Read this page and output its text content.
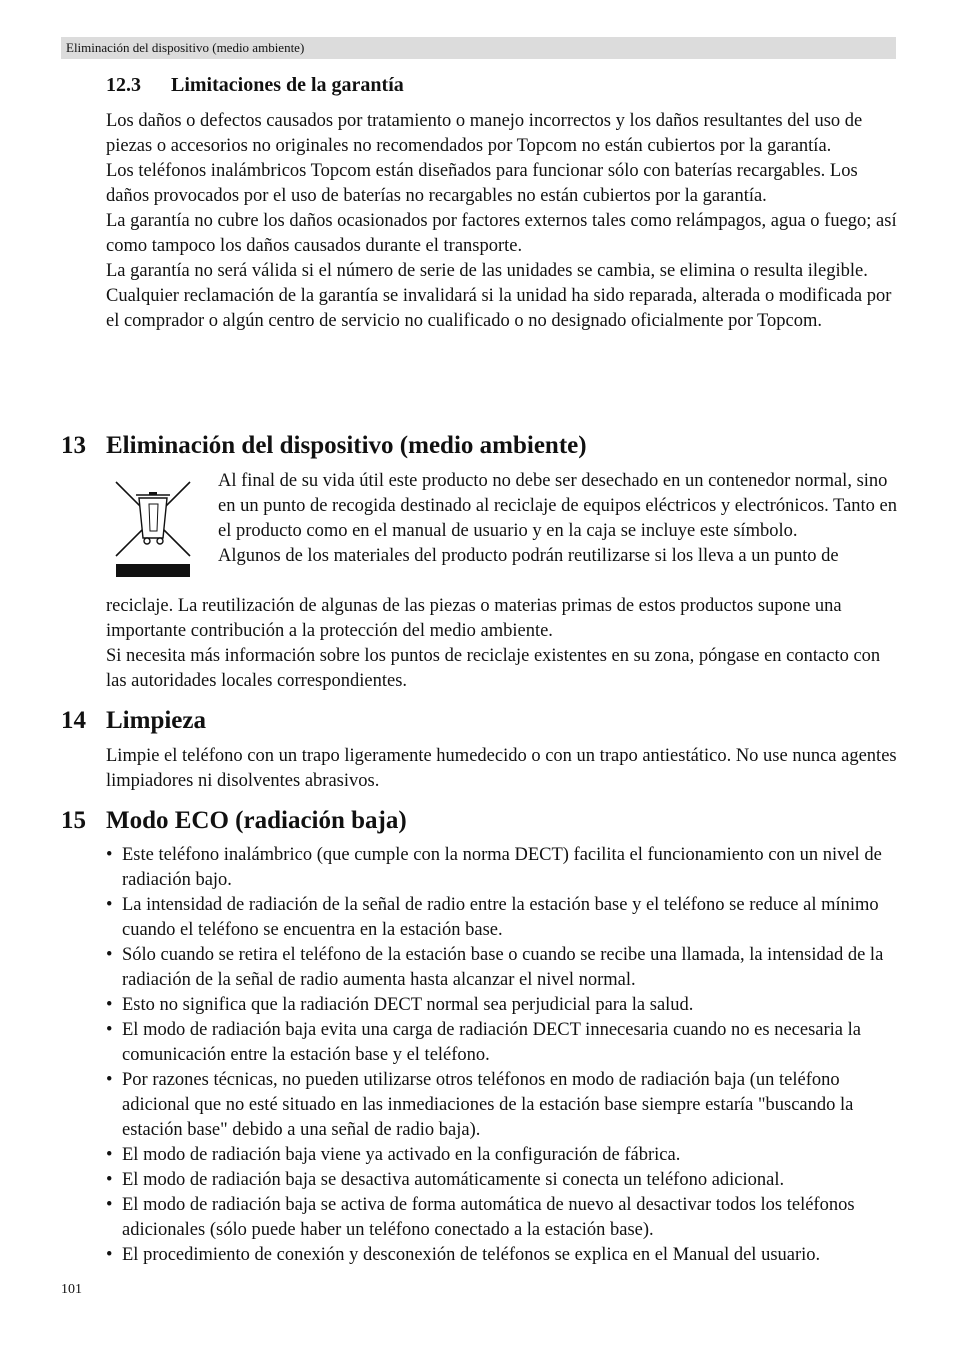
Eliminación del dispositivo (medio ambiente)
12.3 Limitaciones de la garantía

Los daños o defectos causados por tratamiento o manejo incorrectos y los daños resultantes del uso de piezas o accesorios no originales no recomendados por Topcom no están cubiertos por la garantía.

Los teléfonos inalámbricos Topcom están diseñados para funcionar sólo con baterías recargables. Los daños provocados por el uso de baterías no recargables no están cubiertos por la garantía.

La garantía no cubre los daños ocasionados por factores externos tales como relámpagos, agua o fuego; así como tampoco los daños causados durante el transporte.

La garantía no será válida si el número de serie de las unidades se cambia, se elimina o resulta ilegible.

Cualquier reclamación de la garantía se invalidará si la unidad ha sido reparada, alterada o modificada por el comprador o algún centro de servicio no cualificado o no designado oficialmente por Topcom.

13 Eliminación del dispositivo (medio ambiente)

Al final de su vida útil este producto no debe ser desechado en un contenedor normal, sino en un punto de recogida destinado al reciclaje de equipos eléctricos y electrónicos. Tanto en el producto como en el manual de usuario y en la caja se incluye este símbolo.

Algunos de los materiales del producto podrán reutilizarse si los lleva a un punto de

reciclaje. La reutilización de algunas de las piezas o materias primas de estos productos supone una importante contribución a la protección del medio ambiente.

Si necesita más información sobre los puntos de reciclaje existentes en su zona, póngase en contacto con las autoridades locales correspondientes.

14 Limpieza

Limpie el teléfono con un trapo ligeramente humedecido o con un trapo antiestático. No use nunca agentes limpiadores ni disolventes abrasivos.

15 Modo ECO (radiación baja)
• Este teléfono inalámbrico (que cumple con la norma DECT) facilita el funcionamiento con un nivel de radiación bajo.
• La intensidad de radiación de la señal de radio entre la estación base y el teléfono se reduce al mínimo cuando el teléfono se encuentra en la estación base.
• Sólo cuando se retira el teléfono de la estación base o cuando se recibe una llamada, la intensidad de la radiación de la señal de radio aumenta hasta alcanzar el nivel normal.
• Esto no significa que la radiación DECT normal sea perjudicial para la salud.
• El modo de radiación baja evita una carga de radiación DECT innecesaria cuando no es necesaria la comunicación entre la estación base y el teléfono.
• Por razones técnicas, no pueden utilizarse otros teléfonos en modo de radiación baja (un teléfono adicional que no esté situado en las inmediaciones de la estación base siempre estaría "buscando la estación base" debido a una señal de radio baja).
• El modo de radiación baja viene ya activado en la configuración de fábrica.
• El modo de radiación baja se desactiva automáticamente si conecta un teléfono adicional.
• El modo de radiación baja se activa de forma automática de nuevo al desactivar todos los teléfonos adicionales (sólo puede haber un teléfono conectado a la estación base).
• El procedimiento de conexión y desconexión de teléfonos se explica en el Manual del usuario.
101
